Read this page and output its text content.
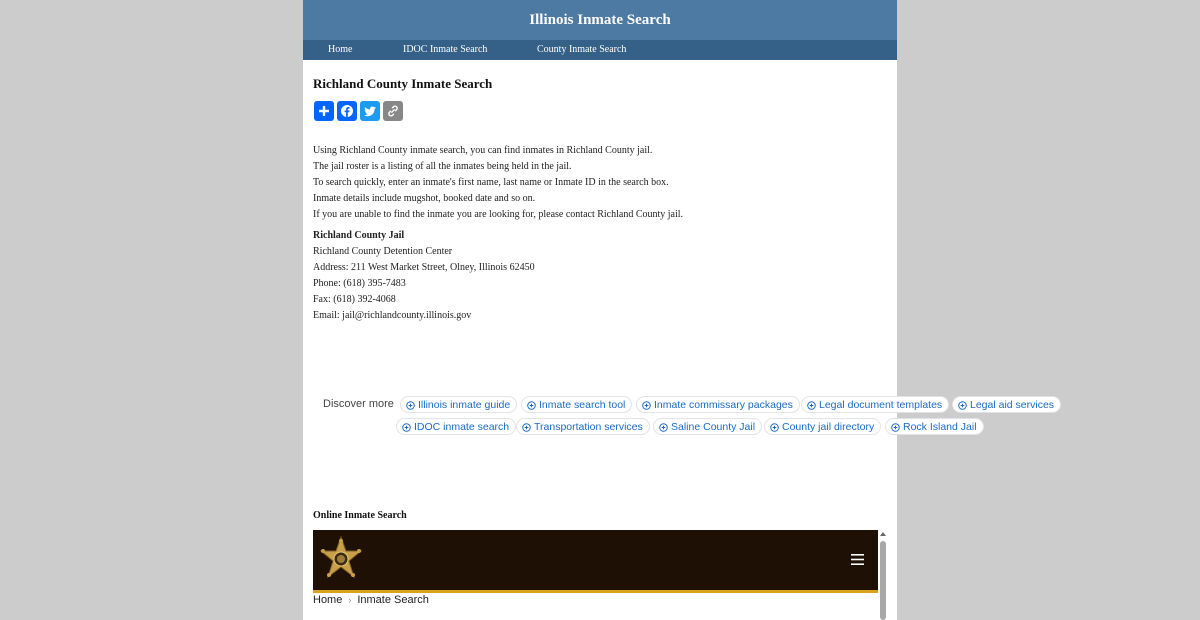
Illinois Inmate Search
Home	IDOC Inmate Search	County Inmate Search
Richland County Inmate Search

Using Richland County inmate search, you can find inmates in Richland County jail.

The jail roster is a listing of all the inmates being held in the jail.

To search quickly, enter an inmate's first name, last name or Inmate ID in the search box.

Inmate details include mugshot, booked date and so on.

If you are unable to find the inmate you are looking for, please contact Richland County jail.

Richland County Jail

Richland County Detention Center

Address: 211 West Market Street, Olney, Illinois 62450

Phone: (618) 395-7483

Fax: (618) 392-4068

Email: jail@richlandcounty.illinois.gov

Online Inmate Search
Home › Inmate Search
Discover more	Illinois inmate guide	Inmate search tool	Inmate commissary packages	Legal document templates	Legal aid services
IDOC inmate search	Transportation services	Saline County Jail	County jail directory	Rock Island Jail
